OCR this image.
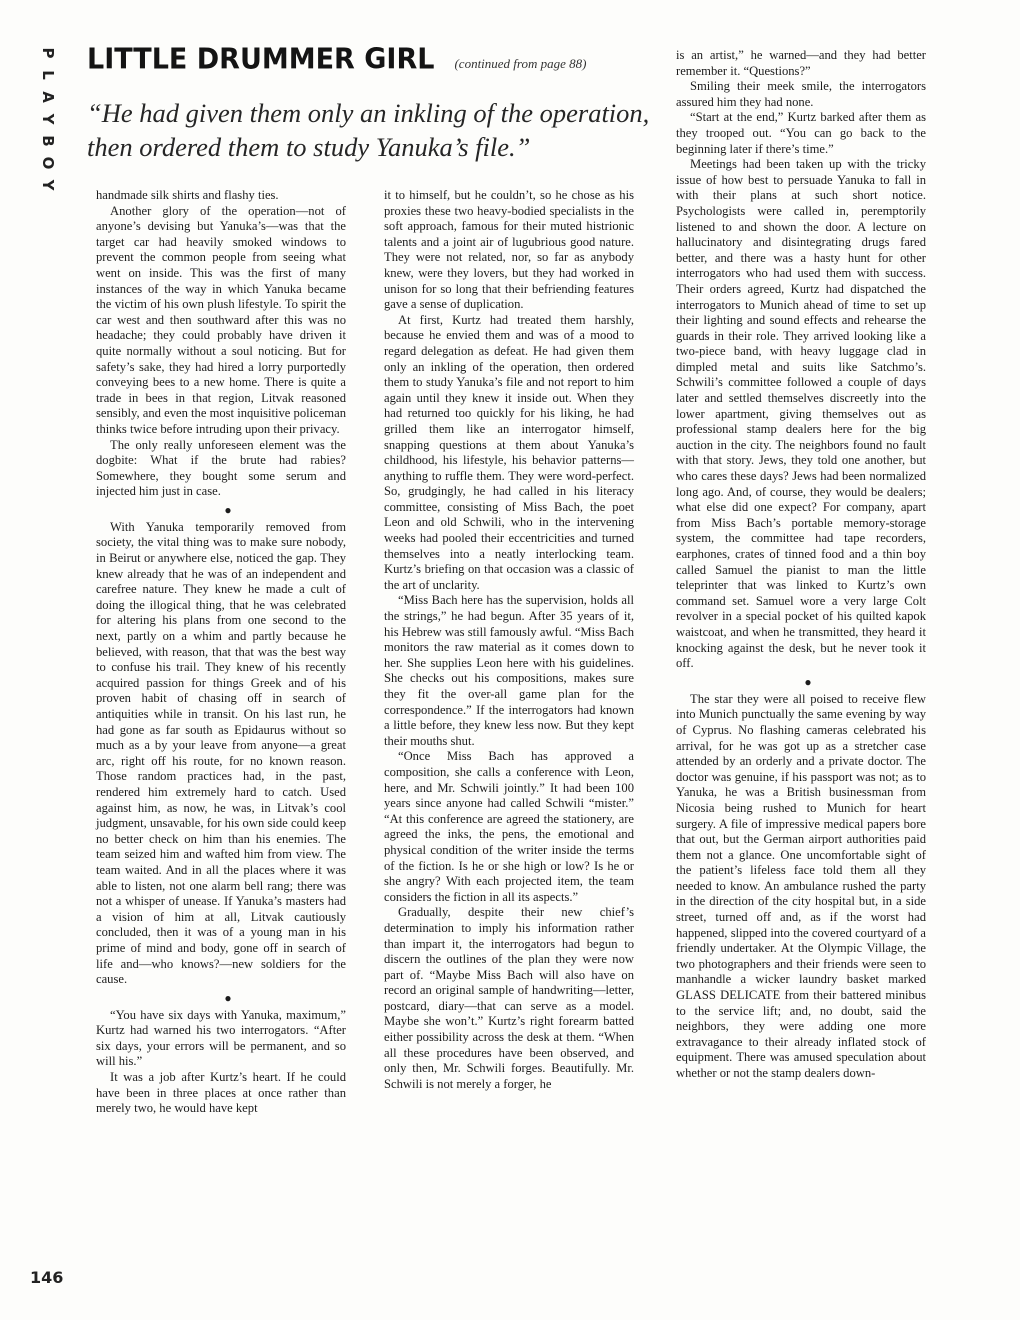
P
L
A
Y
B
O
Y
LITTLE DRUMMER GIRL (continued from page 88)
“He had given them only an inkling of the operation, then ordered them to study Yanuka’s file.”

handmade silk shirts and flashy ties.

Another glory of the operation—not of anyone’s devising but Yanuka’s—was that the target car had heavily smoked windows to prevent the common people from seeing what went on inside. This was the first of many instances of the way in which Yanuka became the victim of his own plush lifestyle. To spirit the car west and then southward after this was no headache; they could probably have driven it quite normally without a soul noticing. But for safety’s sake, they had hired a lorry purportedly conveying bees to a new home. There is quite a trade in bees in that region, Litvak reasoned sensibly, and even the most inquisitive policeman thinks twice before intruding upon their privacy.

The only really unforeseen element was the dogbite: What if the brute had rabies? Somewhere, they bought some serum and injected him just in case.

●

With Yanuka temporarily removed from society, the vital thing was to make sure nobody, in Beirut or anywhere else, noticed the gap. They knew already that he was of an independent and carefree nature. They knew he made a cult of doing the illogical thing, that he was celebrated for altering his plans from one second to the next, partly on a whim and partly because he believed, with reason, that that was the best way to confuse his trail. They knew of his recently acquired passion for things Greek and of his proven habit of chasing off in search of antiquities while in transit. On his last run, he had gone as far south as Epidaurus without so much as a by your leave from anyone—a great arc, right off his route, for no known reason. Those random practices had, in the past, rendered him extremely hard to catch. Used against him, as now, he was, in Litvak’s cool judgment, unsavable, for his own side could keep no better check on him than his enemies. The team seized him and wafted him from view. The team waited. And in all the places where it was able to listen, not one alarm bell rang; there was not a whisper of unease. If Yanuka’s masters had a vision of him at all, Litvak cautiously concluded, then it was of a young man in his prime of mind and body, gone off in search of life and—who knows?—new soldiers for the cause.

●

“You have six days with Yanuka, maximum,” Kurtz had warned his two interrogators. “After six days, your errors will be permanent, and so will his.”

It was a job after Kurtz’s heart. If he could have been in three places at once rather than merely two, he would have kept

it to himself, but he couldn’t, so he chose as his proxies these two heavy-bodied specialists in the soft approach, famous for their muted histrionic talents and a joint air of lugubrious good nature. They were not related, nor, so far as anybody knew, were they lovers, but they had worked in unison for so long that their befriending features gave a sense of duplication.

At first, Kurtz had treated them harshly, because he envied them and was of a mood to regard delegation as defeat. He had given them only an inkling of the operation, then ordered them to study Yanuka’s file and not report to him again until they knew it inside out. When they had returned too quickly for his liking, he had grilled them like an interrogator himself, snapping questions at them about Yanuka’s childhood, his lifestyle, his behavior patterns—anything to ruffle them. They were word-perfect. So, grudgingly, he had called in his literacy committee, consisting of Miss Bach, the poet Leon and old Schwili, who in the intervening weeks had pooled their eccentricities and turned themselves into a neatly interlocking team. Kurtz’s briefing on that occasion was a classic of the art of unclarity.

“Miss Bach here has the supervision, holds all the strings,” he had begun. After 35 years of it, his Hebrew was still famously awful. “Miss Bach monitors the raw material as it comes down to her. She supplies Leon here with his guidelines. She checks out his compositions, makes sure they fit the over-all game plan for the correspondence.” If the interrogators had known a little before, they knew less now. But they kept their mouths shut.

“Once Miss Bach has approved a composition, she calls a conference with Leon, here, and Mr. Schwili jointly.” It had been 100 years since anyone had called Schwili “mister.” “At this conference are agreed the stationery, are agreed the inks, the pens, the emotional and physical condition of the writer inside the terms of the fiction. Is he or she high or low? Is he or she angry? With each projected item, the team considers the fiction in all its aspects.”

Gradually, despite their new chief’s determination to imply his information rather than impart it, the interrogators had begun to discern the outlines of the plan they were now part of. “Maybe Miss Bach will also have on record an original sample of handwriting—letter, postcard, diary—that can serve as a model. Maybe she won’t.” Kurtz’s right forearm batted either possibility across the desk at them. “When all these procedures have been observed, and only then, Mr. Schwili forges. Beautifully. Mr. Schwili is not merely a forger, he

is an artist,” he warned—and they had better remember it. “Questions?”

Smiling their meek smile, the interrogators assured him they had none.

“Start at the end,” Kurtz barked after them as they trooped out. “You can go back to the beginning later if there’s time.”

Meetings had been taken up with the tricky issue of how best to persuade Yanuka to fall in with their plans at such short notice. Psychologists were called in, peremptorily listened to and shown the door. A lecture on hallucinatory and disintegrating drugs fared better, and there was a hasty hunt for other interrogators who had used them with success. Their orders agreed, Kurtz had dispatched the interrogators to Munich ahead of time to set up their lighting and sound effects and rehearse the guards in their role. They arrived looking like a two-piece band, with heavy luggage clad in dimpled metal and suits like Satchmo’s. Schwili’s committee followed a couple of days later and settled themselves discreetly into the lower apartment, giving themselves out as professional stamp dealers here for the big auction in the city. The neighbors found no fault with that story. Jews, they told one another, but who cares these days? Jews had been normalized long ago. And, of course, they would be dealers; what else did one expect? For company, apart from Miss Bach’s portable memory-storage system, the committee had tape recorders, earphones, crates of tinned food and a thin boy called Samuel the pianist to man the little teleprinter that was linked to Kurtz’s own command set. Samuel wore a very large Colt revolver in a special pocket of his quilted kapok waistcoat, and when he transmitted, they heard it knocking against the desk, but he never took it off.

●

The star they were all poised to receive flew into Munich punctually the same evening by way of Cyprus. No flashing cameras celebrated his arrival, for he was got up as a stretcher case attended by an orderly and a private doctor. The doctor was genuine, if his passport was not; as to Yanuka, he was a British businessman from Nicosia being rushed to Munich for heart surgery. A file of impressive medical papers bore that out, but the German airport authorities paid them not a glance. One uncomfortable sight of the patient’s lifeless face told them all they needed to know. An ambulance rushed the party in the direction of the city hospital but, in a side street, turned off and, as if the worst had happened, slipped into the covered courtyard of a friendly undertaker. At the Olympic Village, the two photographers and their friends were seen to manhandle a wicker laundry basket marked GLASS DELICATE from their battered minibus to the service lift; and, no doubt, said the neighbors, they were adding one more extravagance to their already inflated stock of equipment. There was amused speculation about whether or not the stamp dealers down-

146
